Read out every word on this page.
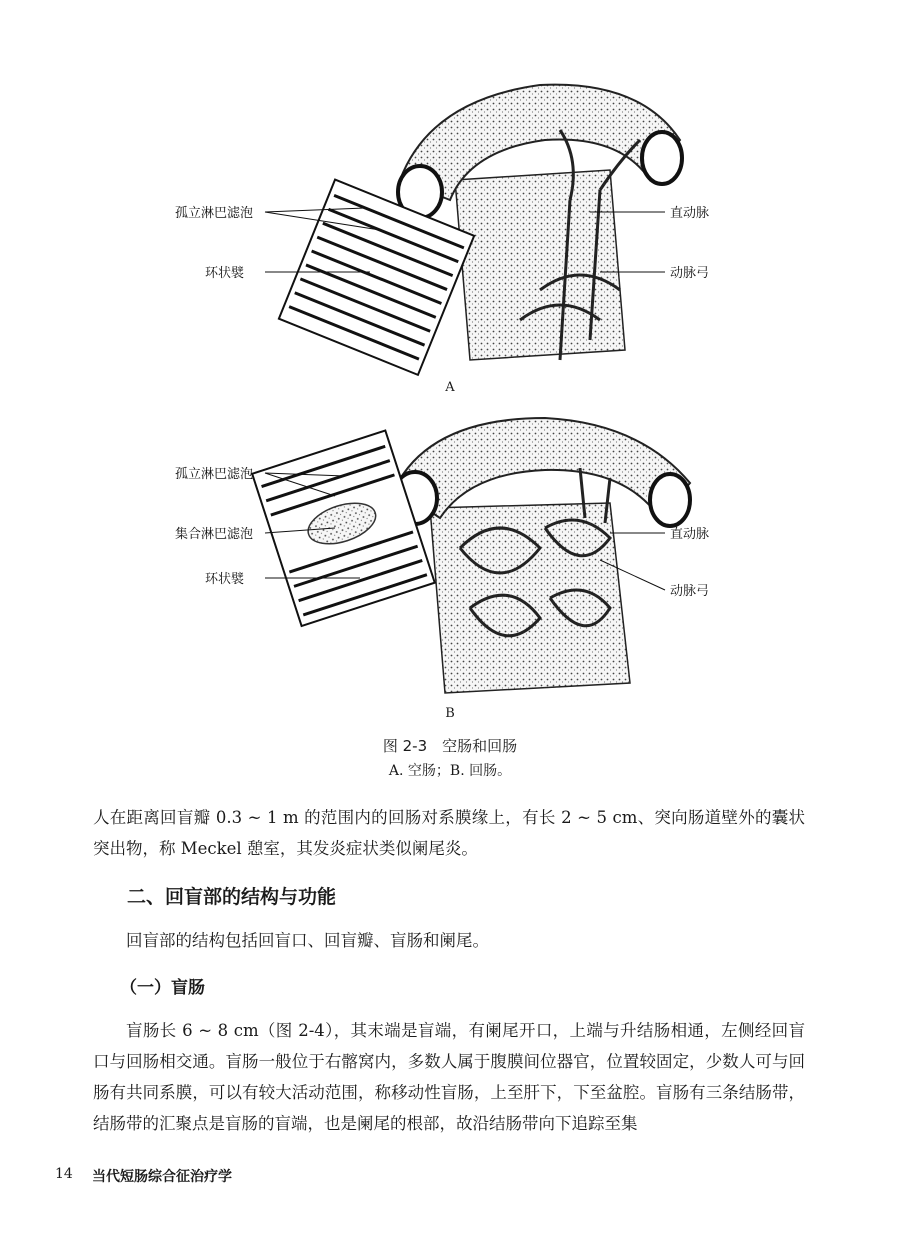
孤立淋巴滤泡
环状襞
直动脉
动脉弓
A
孤立淋巴滤泡
集合淋巴滤泡
环状襞
直动脉
动脉弓
B
图 2-3　空肠和回肠
A. 空肠；B. 回肠。

人在距离回盲瓣 0.3 ~ 1 m 的范围内的回肠对系膜缘上，有长 2 ~ 5 cm、突向肠道壁外的囊状突出物，称 Meckel 憩室，其发炎症状类似阑尾炎。

二、回盲部的结构与功能

回盲部的结构包括回盲口、回盲瓣、盲肠和阑尾。

（一）盲肠

盲肠长 6 ~ 8 cm（图 2-4），其末端是盲端，有阑尾开口，上端与升结肠相通，左侧经回盲口与回肠相交通。盲肠一般位于右髂窝内，多数人属于腹膜间位器官，位置较固定，少数人可与回肠有共同系膜，可以有较大活动范围，称移动性盲肠，上至肝下，下至盆腔。盲肠有三条结肠带，结肠带的汇聚点是盲肠的盲端，也是阑尾的根部，故沿结肠带向下追踪至集

14 当代短肠综合征治疗学
